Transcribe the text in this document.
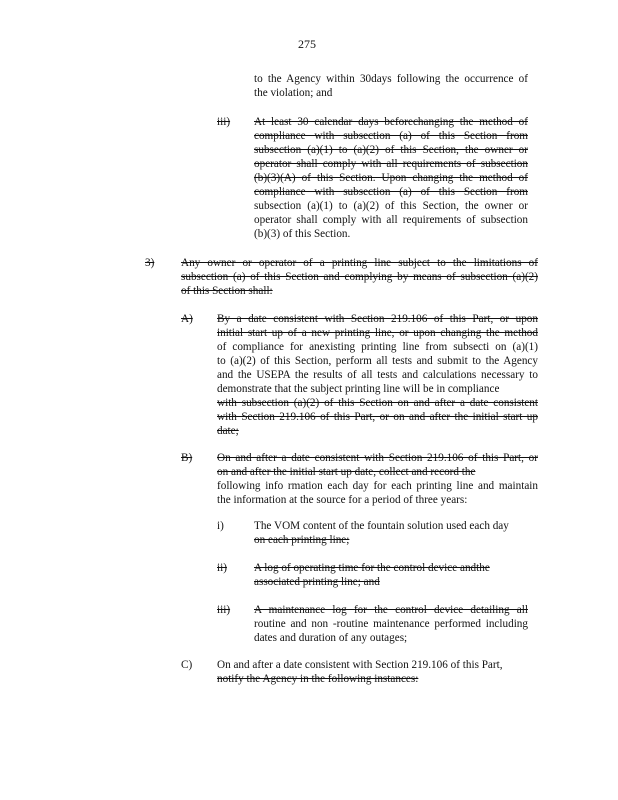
275
to the Agency within 30days following the occurrence of
the violation; and
iii) At least 30 calendar days beforechanging the method of
compliance with subsection (a) of this Section from
subsection (a)(1) to (a)(2) of this Section, the owner or
operator shall comply with all requirements of subsection
(b)(3)(A) of this Section. Upon changing the method of
compliance with subsection (a) of this Section from
subsection (a)(1) to (a)(2) of this Section, the owner or
operator shall comply with all requirements of subsection
(b)(3) of this Section.
3) Any owner or operator of a printing line subject to the limitations of
subsection (a) of this Section and complying by means of subsection (a)(2)
of this Section shall:
A) By a date consistent with Section 219.106 of this Part, or upon
initial start up of a new printing line, or upon changing the method
of compliance for anexisting printing line from subsecti on (a)(1)
to (a)(2) of this Section, perform all tests and submit to the Agency
and the USEPA the results of all tests and calculations necessary to
demonstrate that the subject printing line will be in compliance
with subsection (a)(2) of this Section on and after a date consistent
with Section 219.106 of this Part, or on and after the initial start up
date;
B) On and after a date consistent with Section 219.106 of this Part, or
on and after the initial start up date, collect and record the
following info rmation each day for each printing line and maintain
the information at the source for a period of three years:
i)	The VOM content of the fountain solution used each day
on each printing line;
ii) A log of operating time for the control device andthe
associated printing line; and
iii) A maintenance log for the control device detailing all
routine and non -routine maintenance performed including
dates and duration of any outages;
C) On and after a date consistent with Section 219.106 of this Part,
notify the Agency in the following instances:
